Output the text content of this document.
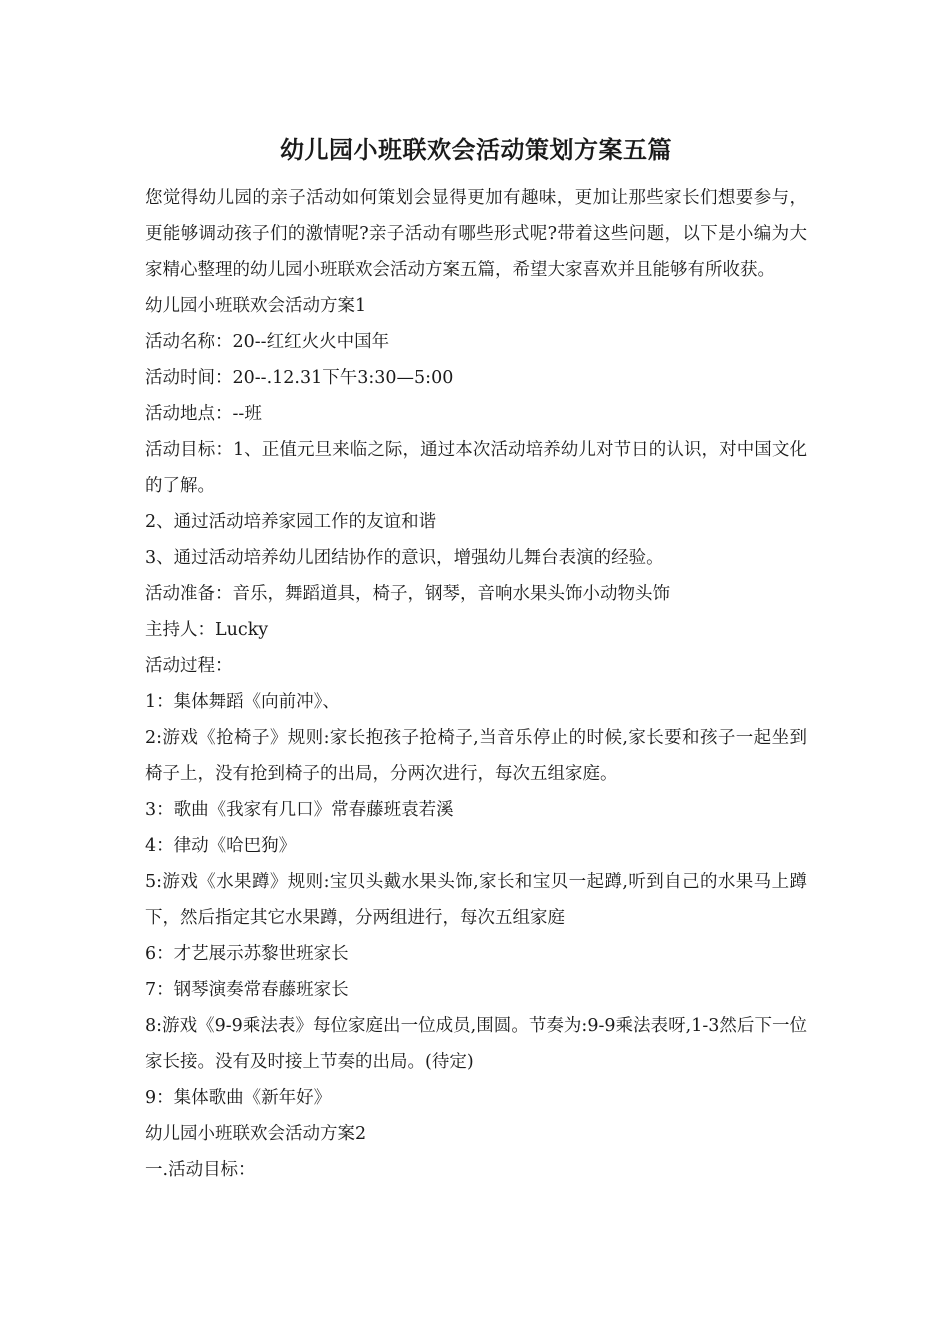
幼儿园小班联欢会活动策划方案五篇

您觉得幼儿园的亲子活动如何策划会显得更加有趣味，更加让那些家长们想要参与，更能够调动孩子们的激情呢?亲子活动有哪些形式呢?带着这些问题，以下是小编为大家精心整理的幼儿园小班联欢会活动方案五篇，希望大家喜欢并且能够有所收获。

幼儿园小班联欢会活动方案1

活动名称：20--红红火火中国年

活动时间：20--.12.31下午3:30—5:00

活动地点：--班

活动目标：1、正值元旦来临之际，通过本次活动培养幼儿对节日的认识，对中国文化的了解。

2、通过活动培养家园工作的友谊和谐

3、通过活动培养幼儿团结协作的意识，增强幼儿舞台表演的经验。

活动准备：音乐，舞蹈道具，椅子，钢琴，音响水果头饰小动物头饰

主持人：Lucky

活动过程：

1：集体舞蹈《向前冲》、

2:游戏《抢椅子》规则:家长抱孩子抢椅子,当音乐停止的时候,家长要和孩子一起坐到椅子上，没有抢到椅子的出局，分两次进行，每次五组家庭。

3：歌曲《我家有几口》常春藤班袁若溪

4：律动《哈巴狗》

5:游戏《水果蹲》规则:宝贝头戴水果头饰,家长和宝贝一起蹲,听到自己的水果马上蹲下，然后指定其它水果蹲，分两组进行，每次五组家庭

6：才艺展示苏黎世班家长

7：钢琴演奏常春藤班家长

8:游戏《9-9乘法表》每位家庭出一位成员,围圆。节奏为:9-9乘法表呀,1-3然后下一位家长接。没有及时接上节奏的出局。(待定)

9：集体歌曲《新年好》

幼儿园小班联欢会活动方案2

一.活动目标：
